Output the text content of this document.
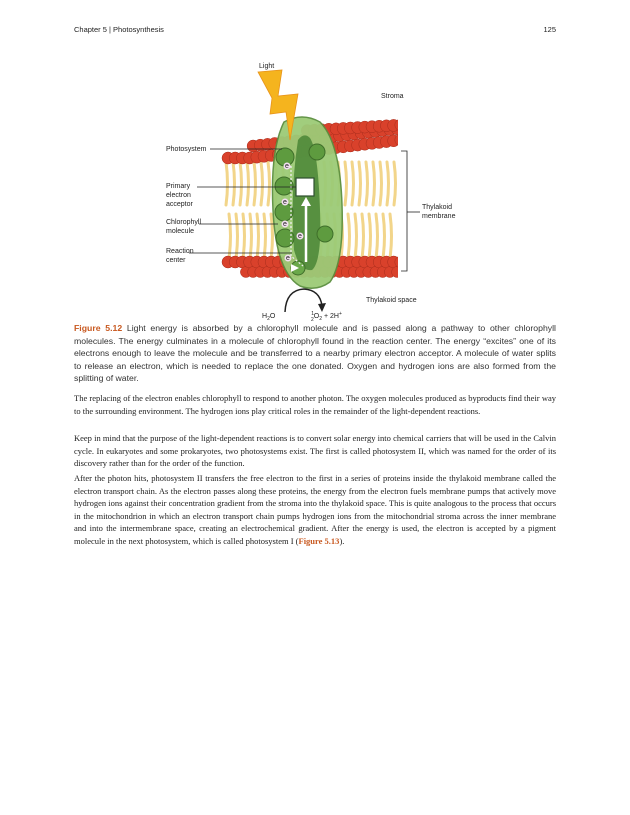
Chapter 5 | Photosynthesis	125
e
e
e
e
e
Light
Stroma
Photosystem
Primary
electron
acceptor
Chlorophyll
molecule
Reaction
center
Thylakoid
membrane
Thylakoid space
$H_2O$	$^1$ $2O_2 + 2H^+$
Figure 5.12 Light energy is absorbed by a chlorophyll molecule and is passed along a pathway to other chlorophyll molecules. The energy culminates in a molecule of chlorophyll found in the reaction center. The energy “excites” one of its electrons enough to leave the molecule and be transferred to a nearby primary electron acceptor. A molecule of water splits to release an electron, which is needed to replace the one donated. Oxygen and hydrogen ions are also formed from the splitting of water.

The replacing of the electron enables chlorophyll to respond to another photon. The oxygen molecules produced as byproducts find their way to the surrounding environment. The hydrogen ions play critical roles in the remainder of the light-dependent reactions.

Keep in mind that the purpose of the light-dependent reactions is to convert solar energy into chemical carriers that will be used in the Calvin cycle. In eukaryotes and some prokaryotes, two photosystems exist. The first is called photosystem II, which was named for the order of its discovery rather than for the order of the function.

After the photon hits, photosystem II transfers the free electron to the first in a series of proteins inside the thylakoid membrane called the electron transport chain. As the electron passes along these proteins, the energy from the electron fuels membrane pumps that actively move hydrogen ions against their concentration gradient from the stroma into the thylakoid space. This is quite analogous to the process that occurs in the mitochondrion in which an electron transport chain pumps hydrogen ions from the mitochondrial stroma across the inner membrane and into the intermembrane space, creating an electrochemical gradient. After the energy is used, the electron is accepted by a pigment molecule in the next photosystem, which is called photosystem I (Figure 5.13).
